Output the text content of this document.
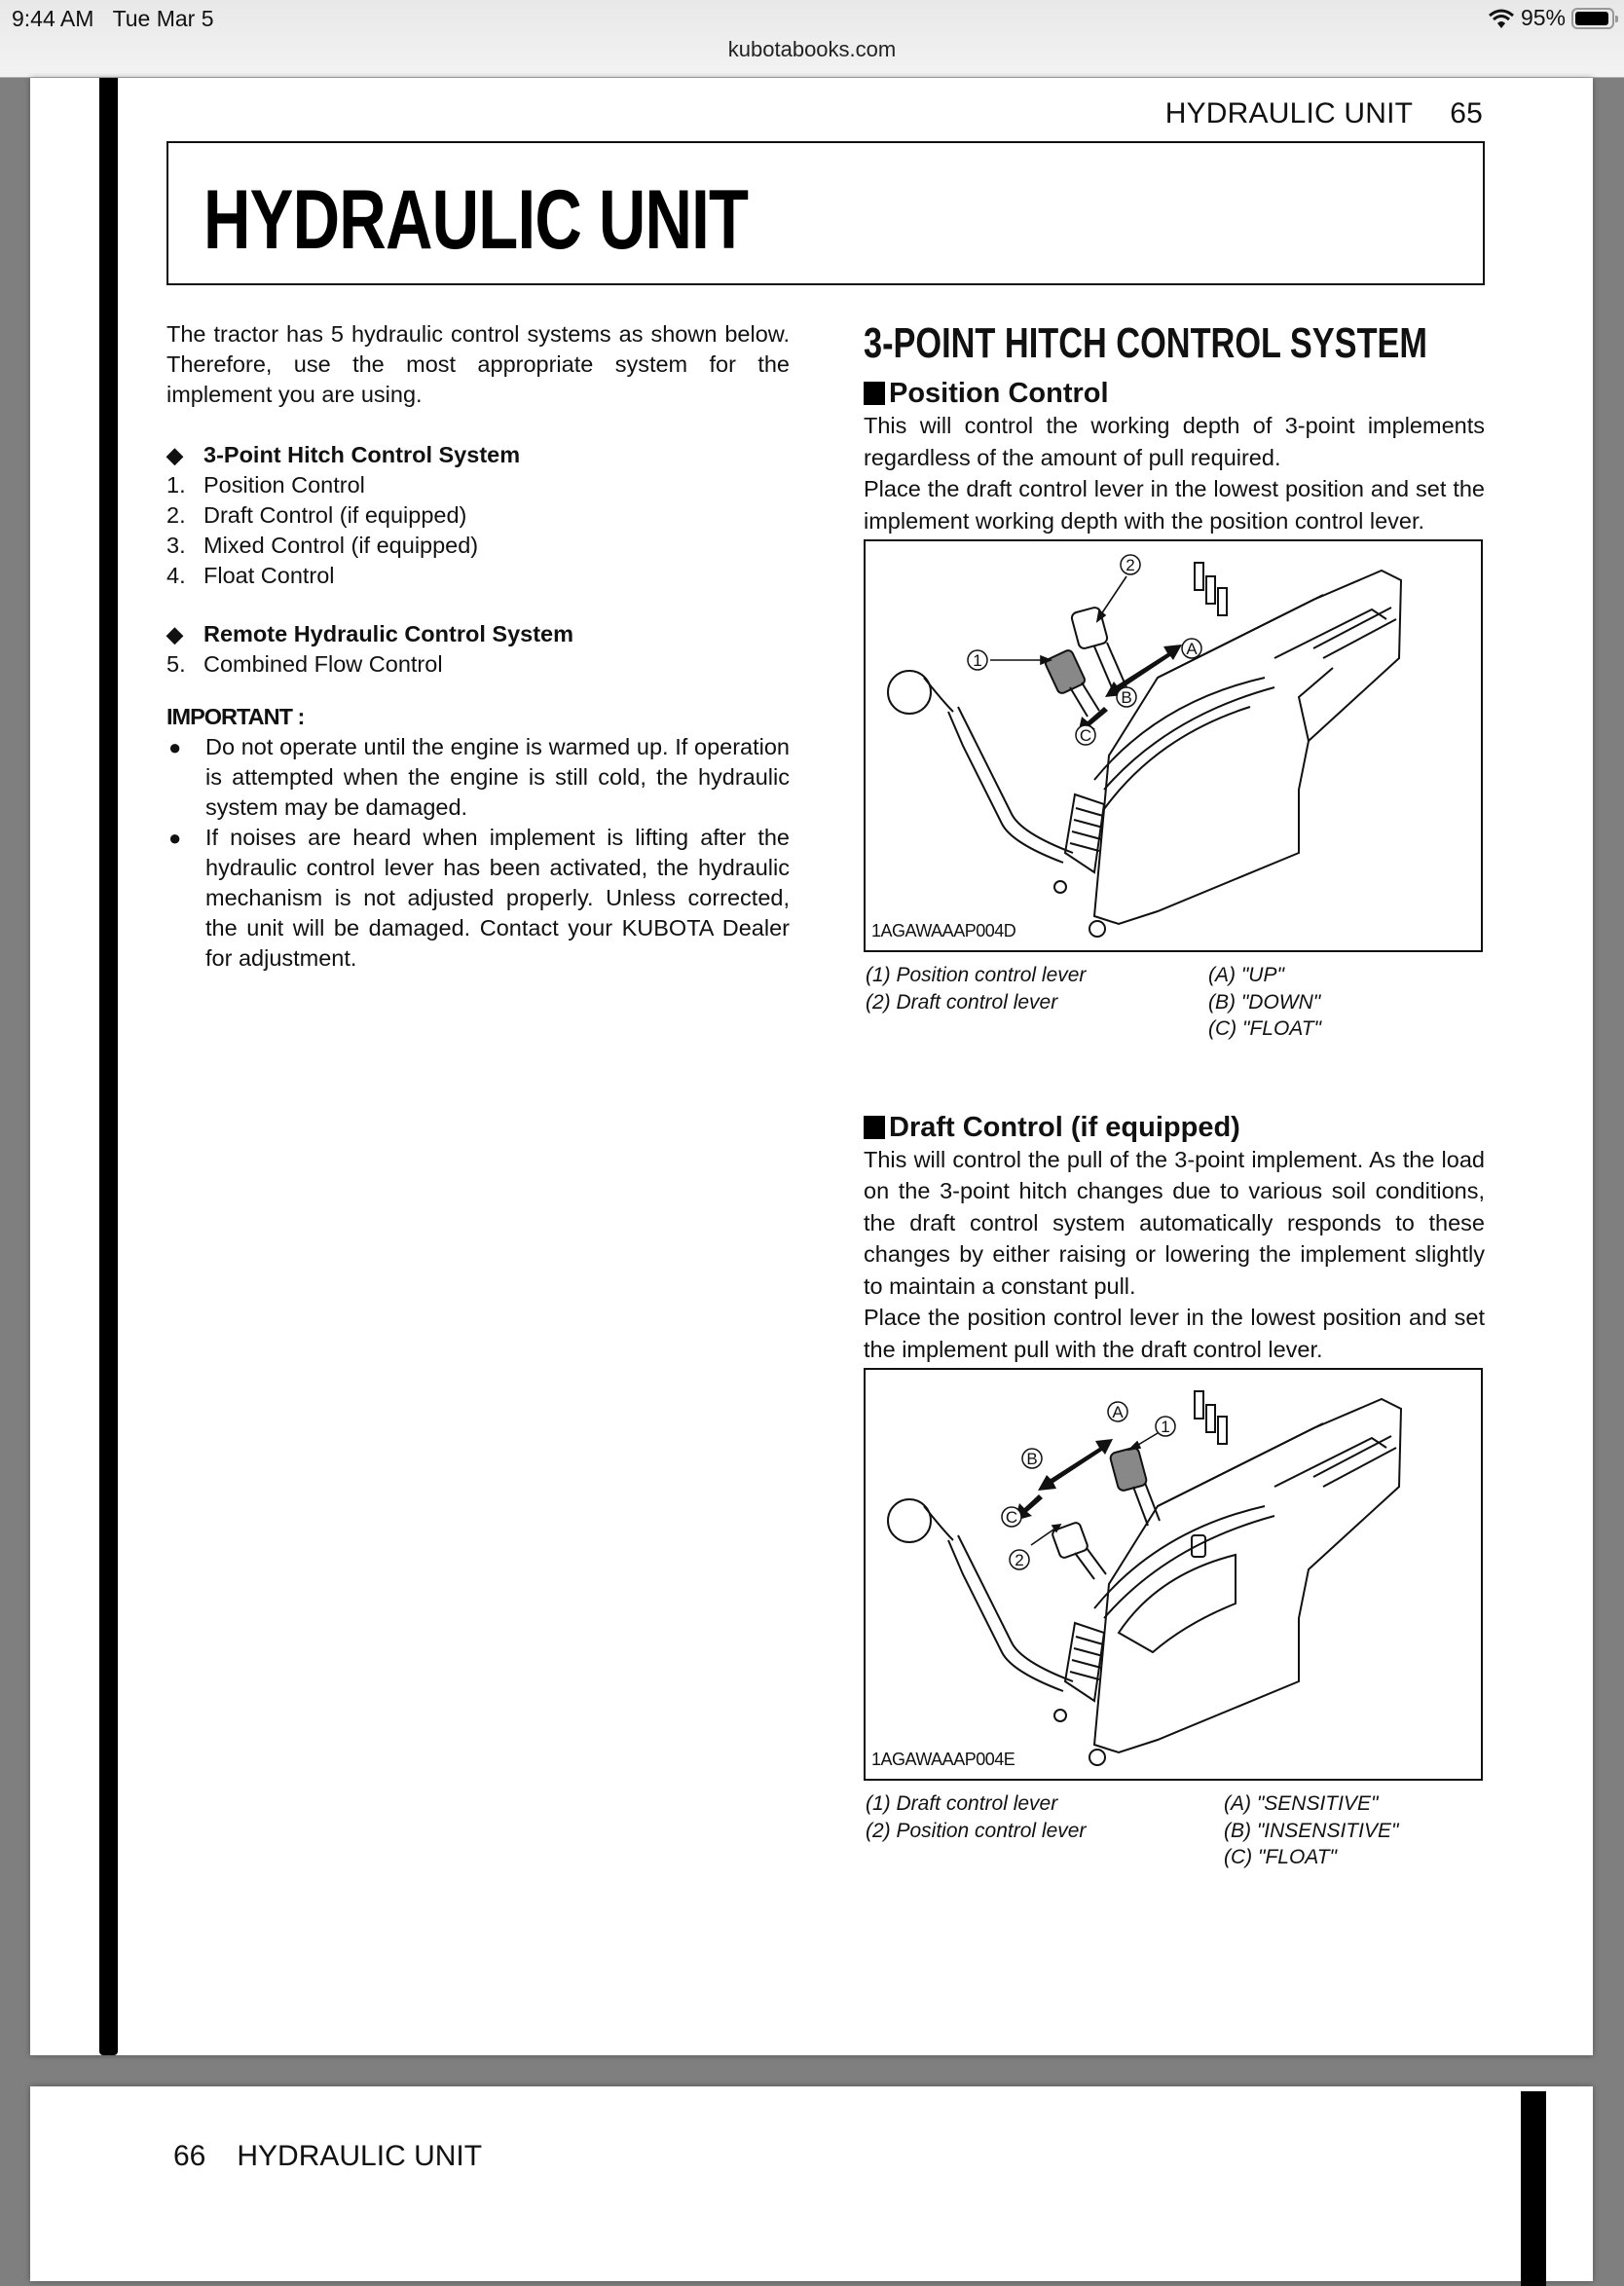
9:44 AM Tue Mar 5	95%
kubotabooks.com
HYDRAULIC UNIT 65
HYDRAULIC UNIT

The tractor has 5 hydraulic control systems as shown below. Therefore, use the most appropriate system for the implement you are using.

◆ 3-Point Hitch Control System
1. Position Control
2. Draft Control (if equipped)
3. Mixed Control (if equipped)
4. Float Control
◆ Remote Hydraulic Control System
5. Combined Flow Control
IMPORTANT :
●	Do not operate until the engine is warmed up. If operation is attempted when the engine is still cold, the hydraulic system may be damaged.
●	If noises are heard when implement is lifting after the hydraulic control lever has been activated, the hydraulic mechanism is not adjusted properly. Unless corrected, the unit will be damaged. Contact your KUBOTA Dealer for adjustment.
3-POINT HITCH CONTROL SYSTEM
Position Control

This will control the working depth of 3-point implements regardless of the amount of pull required.

Place the draft control lever in the lowest position and set the implement working depth with the position control lever.

1
2
A
B
C
1AGAWAAAP004D
(1) Position control lever
(2) Draft control lever
(A) "UP"
(B) "DOWN"
(C) "FLOAT"
Draft Control (if equipped)

This will control the pull of the 3-point implement. As the load on the 3-point hitch changes due to various soil conditions, the draft control system automatically responds to these changes by either raising or lowering the implement slightly to maintain a constant pull.

Place the position control lever in the lowest position and set the implement pull with the draft control lever.

1
2
A
B
C
1AGAWAAAP004E
(1) Draft control lever
(2) Position control lever
(A) "SENSITIVE"
(B) "INSENSITIVE"
(C) "FLOAT"
66 HYDRAULIC UNIT
